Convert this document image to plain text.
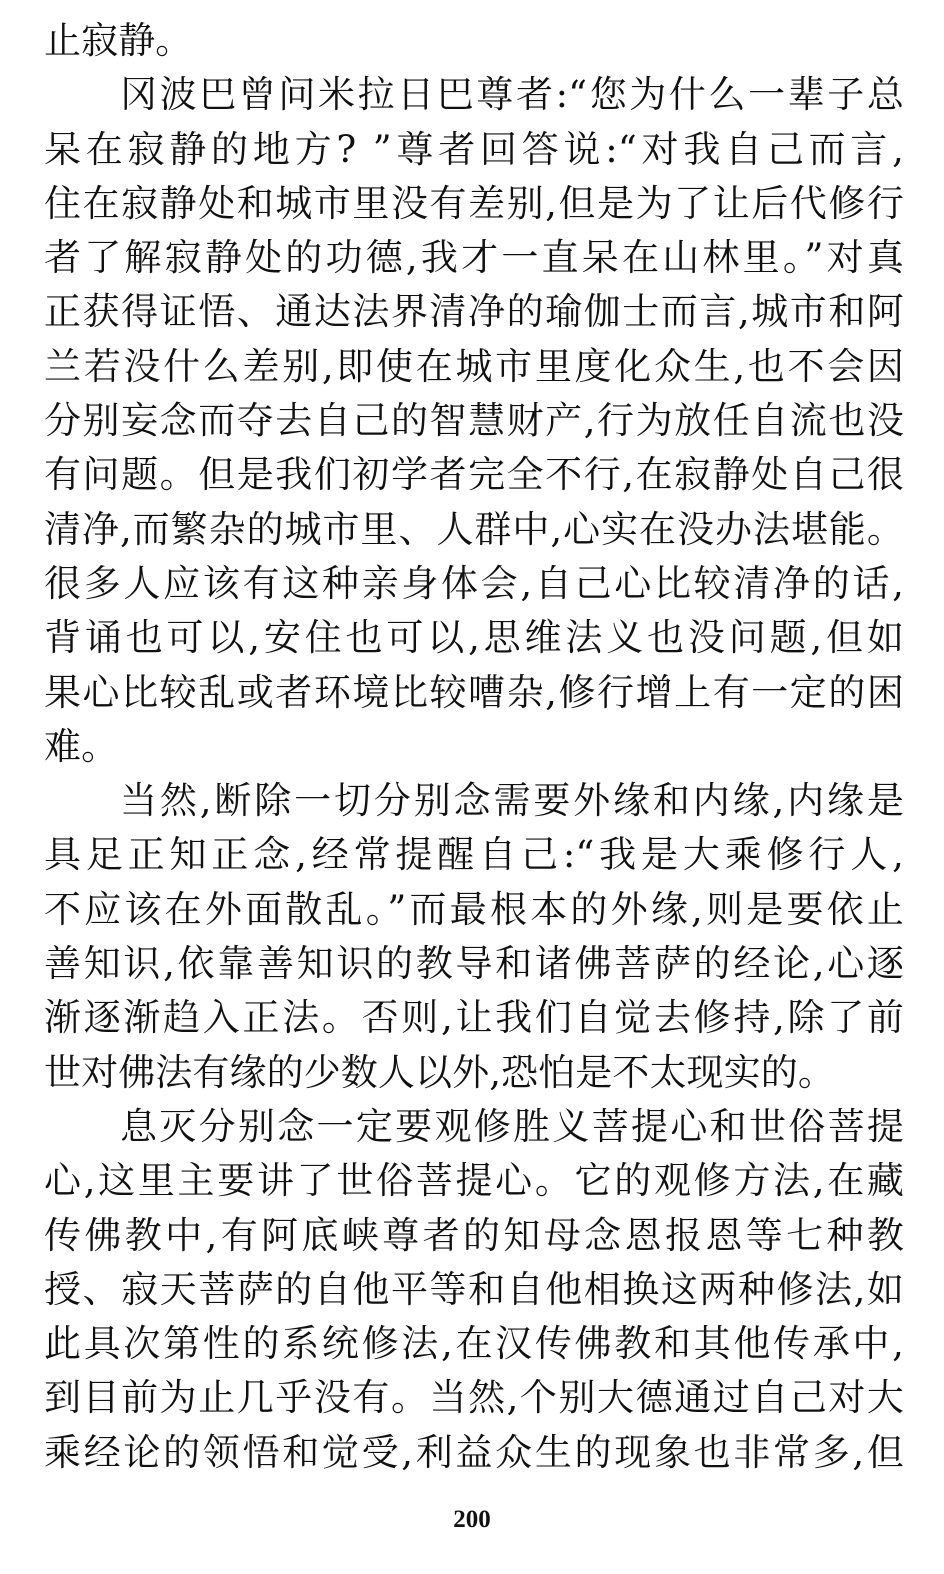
止寂静。
冈波巴曾问米拉日巴尊者:“您为什么一辈子总
呆在寂静的地方? ”尊者回答说:“对我自己而言,
住在寂静处和城市里没有差别,但是为了让后代修行
者了解寂静处的功德,我才一直呆在山林里。”对真
正获得证悟、通达法界清净的瑜伽士而言,城市和阿
兰若没什么差别,即使在城市里度化众生,也不会因
分别妄念而夺去自己的智慧财产,行为放任自流也没
有问题。但是我们初学者完全不行,在寂静处自己很
清净,而繁杂的城市里、人群中,心实在没办法堪能。
很多人应该有这种亲身体会,自己心比较清净的话,
背诵也可以,安住也可以,思维法义也没问题,但如
果心比较乱或者环境比较嘈杂,修行增上有一定的困
难。
当然,断除一切分别念需要外缘和内缘,内缘是
具足正知正念,经常提醒自己:“我是大乘修行人,
不应该在外面散乱。”而最根本的外缘,则是要依止
善知识,依靠善知识的教导和诸佛菩萨的经论,心逐
渐逐渐趋入正法。否则,让我们自觉去修持,除了前
世对佛法有缘的少数人以外,恐怕是不太现实的。
息灭分别念一定要观修胜义菩提心和世俗菩提
心,这里主要讲了世俗菩提心。它的观修方法,在藏
传佛教中,有阿底峡尊者的知母念恩报恩等七种教
授、寂天菩萨的自他平等和自他相换这两种修法,如
此具次第性的系统修法,在汉传佛教和其他传承中,
到目前为止几乎没有。当然,个别大德通过自己对大
乘经论的领悟和觉受,利益众生的现象也非常多,但
200
